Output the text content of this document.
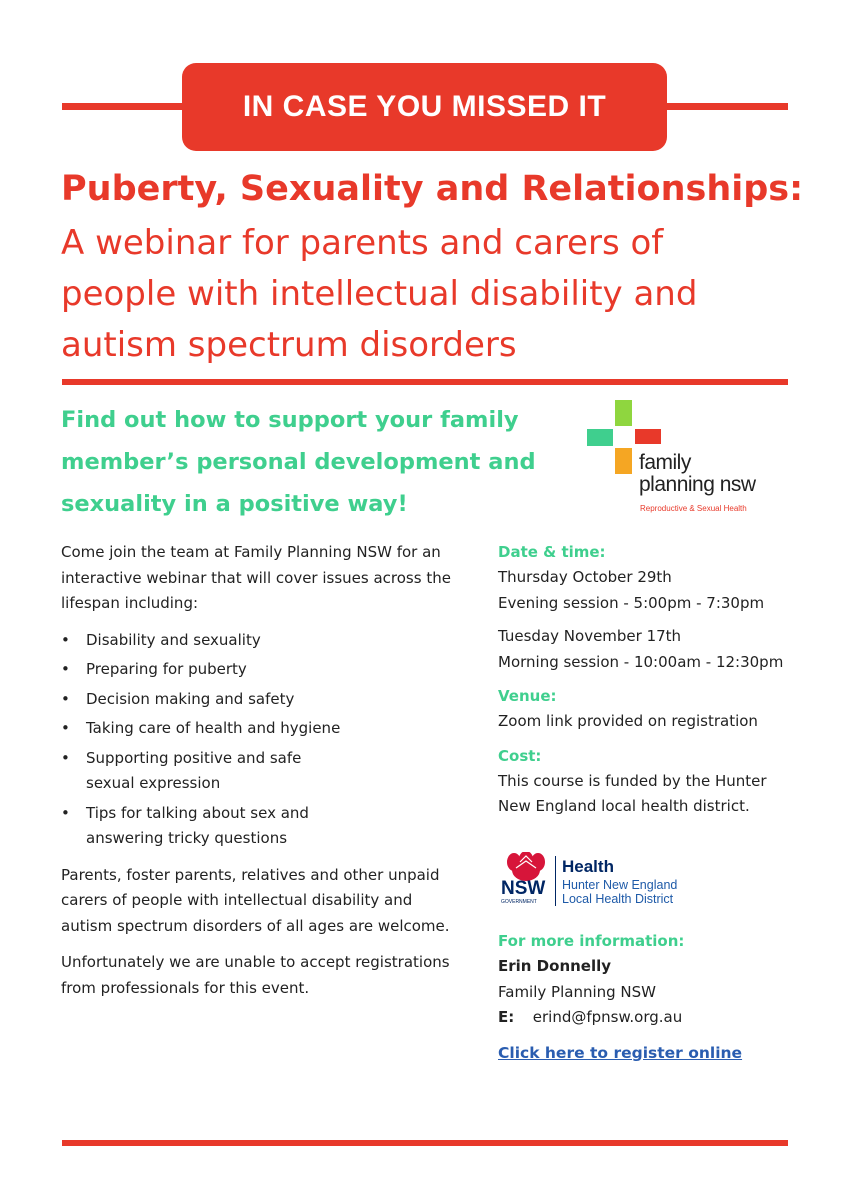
IN CASE YOU MISSED IT
Puberty, Sexuality and Relationships:
A webinar for parents and carers of
people with intellectual disability and
autism spectrum disorders
Find out how to support your family
member’s personal development and
sexuality in a positive way!
family
planning nsw
Reproductive & Sexual Health

Come join the team at Family Planning NSW for an interactive webinar that will cover issues across the lifespan including:

• Disability and sexuality
• Preparing for puberty
• Decision making and safety
• Taking care of health and hygiene
• Supporting positive and safe sexual expression
• Tips for talking about sex and answering tricky questions

Parents, foster parents, relatives and other unpaid carers of people with intellectual disability and autism spectrum disorders of all ages are welcome.

Unfortunately we are unable to accept registrations from professionals for this event.

Date & time:
Thursday October 29th
Evening session - 5:00pm - 7:30pm
Tuesday November 17th
Morning session - 10:00am - 12:30pm
Venue:
Zoom link provided on registration
Cost:
This course is funded by the Hunter New England local health district.
NSW
GOVERNMENT
Health
Hunter New England
Local Health District
For more information:
Erin Donnelly
Family Planning NSW
E: erind@fpnsw.org.au
Click here to register online
